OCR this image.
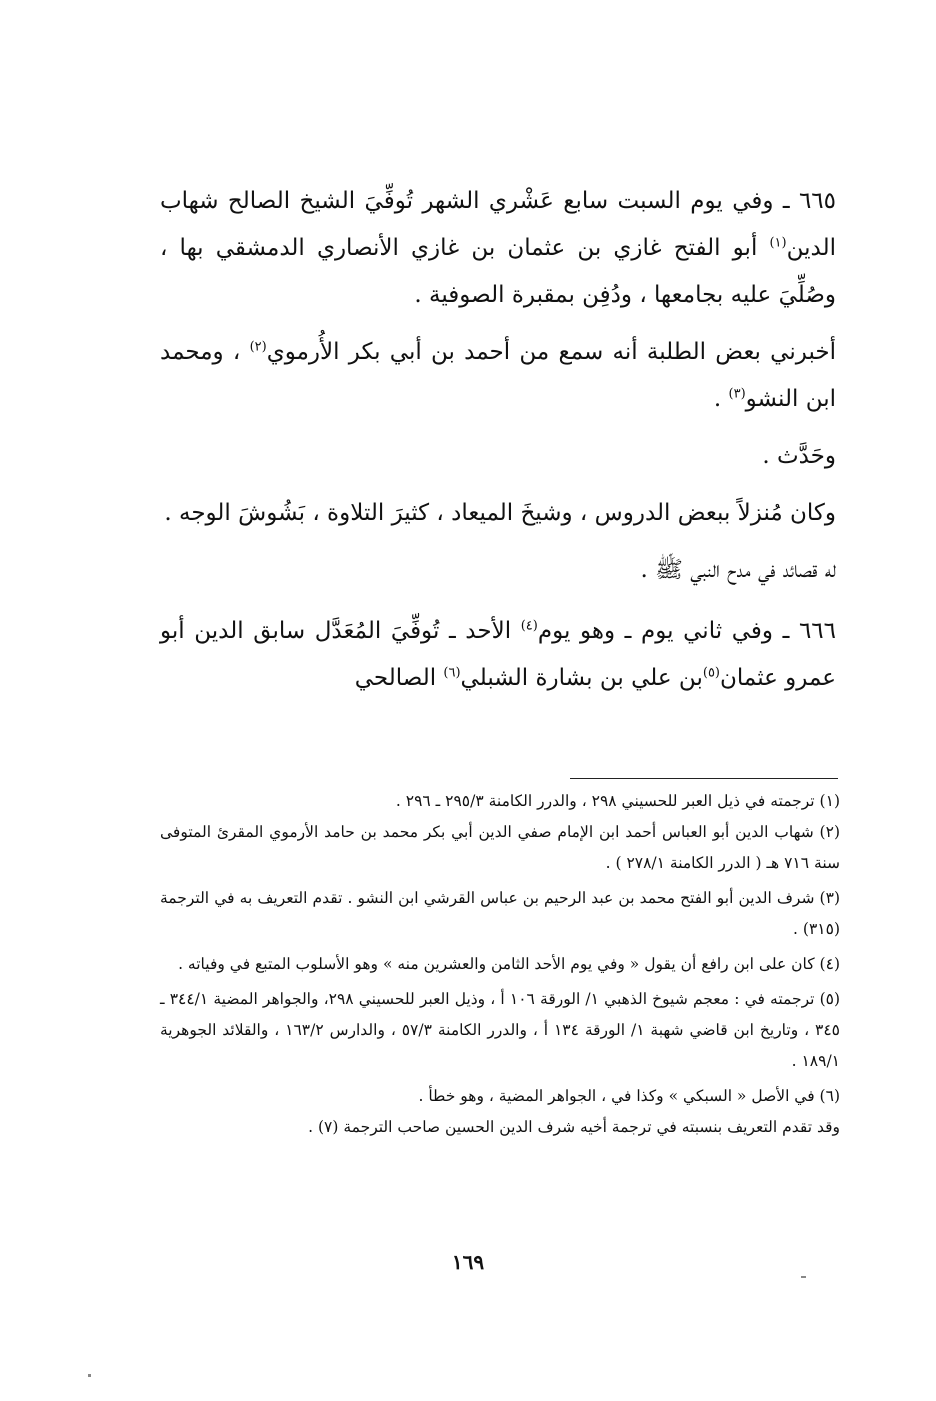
٦٦٥ ـ وفي يوم السبت سابع عَشْري الشهر تُوفِّيَ الشيخ الصالح شهاب الدين$^{(١)}$ أبو الفتح غازي بن عثمان بن غازي الأنصاري الدمشقي بها ، وصُلِّيَ عليه بجامعها ، ودُفِن بمقبرة الصوفية .

أخبرني بعض الطلبة أنه سمع من أحمد بن أبي بكر الأُرموي$^{(٢)}$ ، ومحمد ابن النشو$^{(٣)}$ .

وحَدَّث .

وكان مُنزلاً ببعض الدروس ، وشيخَ الميعاد ، كثيرَ التلاوة ، بَشُوشَ الوجه .

له قصائد في مدح النبي ﷺ .

٦٦٦ ـ وفي ثاني يوم ـ وهو يوم$^{(٤)}$ الأحد ـ تُوفِّيَ المُعَدَّل سابق الدين أبو عمرو عثمان$^{(٥)}$بن علي بن بشارة الشبلي$^{(٦)}$ الصالحي

(١) ترجمته في ذيل العبر للحسيني ٢٩٨ ، والدرر الكامنة ٢٩٥/٣ ـ ٢٩٦ .

(٢) شهاب الدين أبو العباس أحمد ابن الإمام صفي الدين أبي بكر محمد بن حامد الأرموي المقرئ المتوفى سنة ٧١٦ هـ ( الدرر الكامنة ٢٧٨/١ ) .

(٣) شرف الدين أبو الفتح محمد بن عبد الرحيم بن عباس القرشي ابن النشو . تقدم التعريف به في الترجمة (٣١٥) .

(٤) كان على ابن رافع أن يقول « وفي يوم الأحد الثامن والعشرين منه » وهو الأسلوب المتبع في وفياته .

(٥) ترجمته في : معجم شيوخ الذهبي ١/ الورقة ١٠٦ أ ، وذيل العبر للحسيني ٢٩٨، والجواهر المضية ٣٤٤/١ ـ ٣٤٥ ، وتاريخ ابن قاضي شهبة ١/ الورقة ١٣٤ أ ، والدرر الكامنة ٥٧/٣ ، والدارس ١٦٣/٢ ، والقلائد الجوهرية ١٨٩/١ .

(٦) في الأصل « السبكي » وكذا في ، الجواهر المضية ، وهو خطأ .

وقد تقدم التعريف بنسبته في ترجمة أخيه شرف الدين الحسين صاحب الترجمة (٧) .

١٦٩
